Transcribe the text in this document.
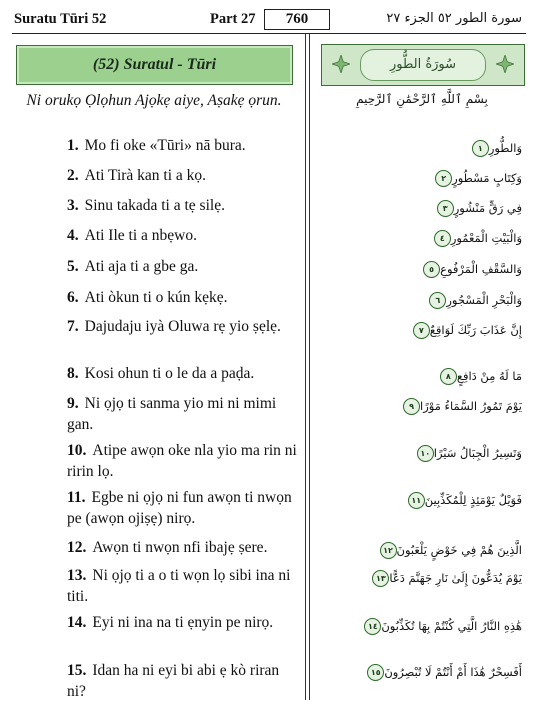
Suratu Tūri 52	Part 27	760	سورة الطور ٥٢ الجزء ٢٧
(52) Suratul - Tūri	سُورَةُ الطُّورِ
Ni orukọ Ọlọhun Ajọkẹ aiye, Aṣakẹ ọrun.	بِسْمِ ٱللَّهِ ٱلرَّحْمَٰنِ ٱلرَّحِيمِ
1. Mo fi oke «Tūri» nā bura.
2. Ati Tirà kan ti a kọ.
3. Sinu takada ti a tẹ silẹ.
4. Ati Ile ti a nbẹwo.
5. Ati aja ti a gbe ga.
6. Ati òkun ti o kún kẹkẹ.
7. Dajudaju iyà Oluwa rẹ yio ṣẹlẹ.
8. Kosi ohun ti o le da a paḍa.
9. Ni ọjọ ti sanma yio mi ni mimi gan.
10. Atipe awọn oke nla yio ma rin ni ririn lọ.
11. Egbe ni ọjọ ni fun awọn ti nwọn pe (awọn ojiṣẹ) nirọ.
12. Awọn ti nwọn nfi ibajẹ ṣere.
13. Ni ọjọ ti a o ti wọn lọ sibi ina ni titi.
14. Eyi ni ina na ti ẹnyin pe nirọ.
15. Idan ha ni eyi bi abi ẹ kò riran ni?
وَالطُّورِ١
وَكِتَابٍ مَسْطُورٍ٢
فِي رَقٍّ مَنْشُورٍ٣
وَالْبَيْتِ الْمَعْمُورِ٤
وَالسَّقْفِ الْمَرْفُوعِ٥
وَالْبَحْرِ الْمَسْجُورِ٦
إِنَّ عَذَابَ رَبِّكَ لَوَاقِعٌ٧
مَا لَهُ مِنْ دَافِعٍ٨
يَوْمَ تَمُورُ السَّمَاءُ مَوْرًا٩
وَتَسِيرُ الْجِبَالُ سَيْرًا١٠
فَوَيْلٌ يَوْمَئِذٍ لِلْمُكَذِّبِينَ١١
الَّذِينَ هُمْ فِي خَوْضٍ يَلْعَبُونَ١٢
يَوْمَ يُدَعُّونَ إِلَىٰ نَارِ جَهَنَّمَ دَعًّا١٣
هَٰذِهِ النَّارُ الَّتِي كُنْتُمْ بِهَا تُكَذِّبُونَ١٤
أَفَسِحْرٌ هَٰذَا أَمْ أَنْتُمْ لَا تُبْصِرُونَ١٥
